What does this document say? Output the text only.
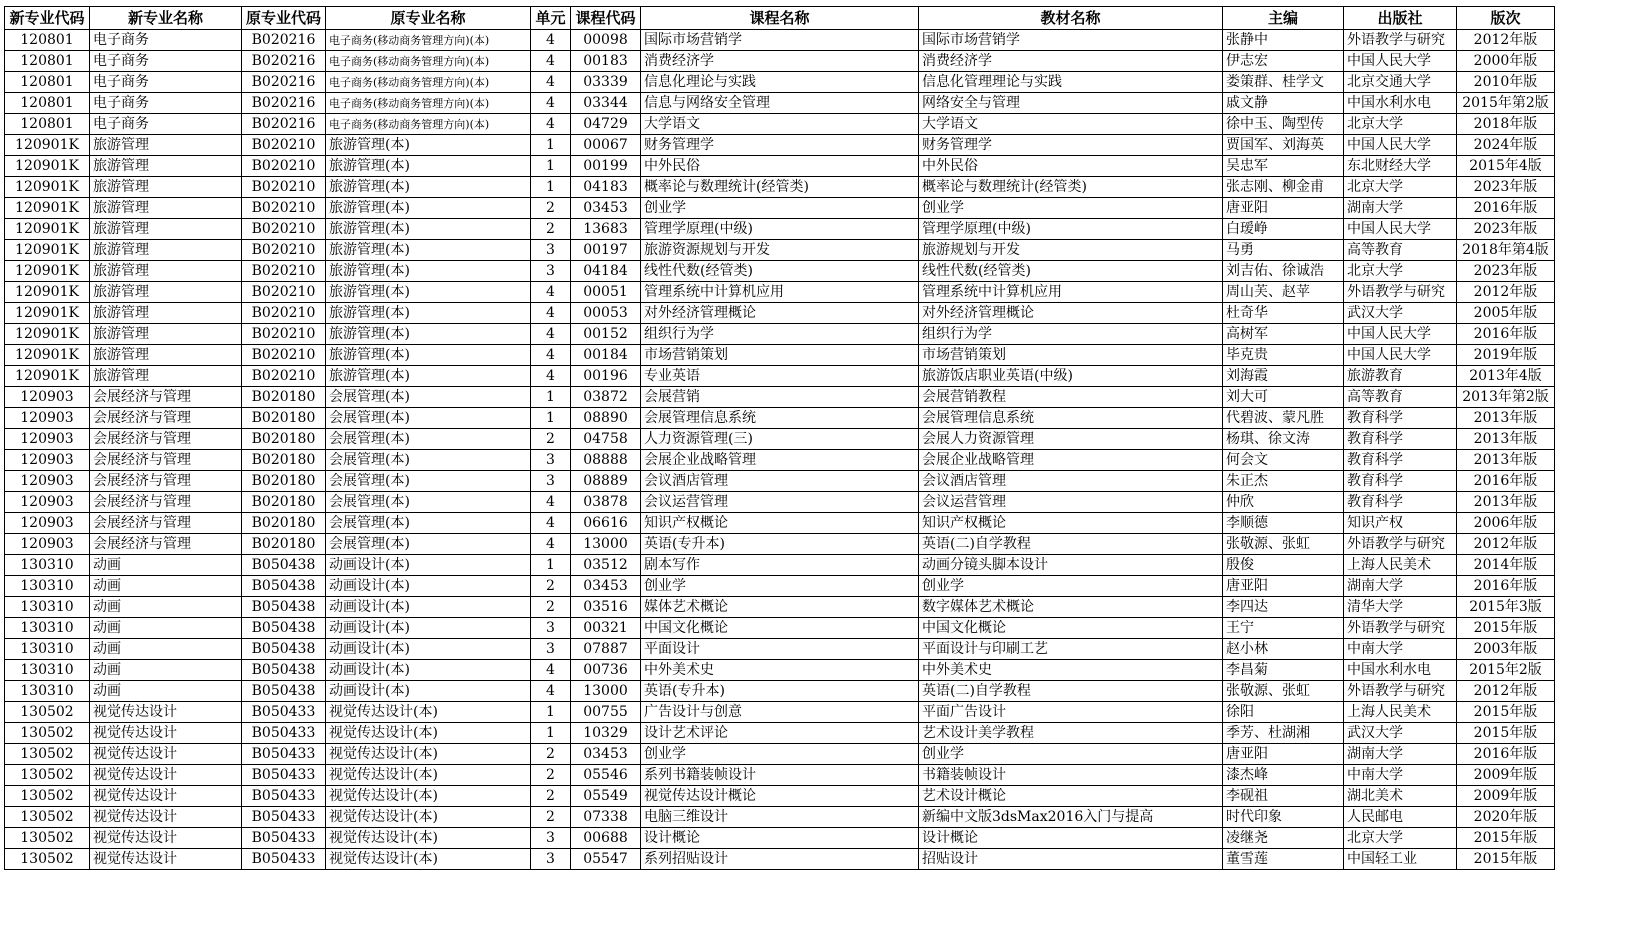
新专业代码	新专业名称	原专业代码	原专业名称	单元	课程代码	课程名称	教材名称	主编	出版社	版次
120801	电子商务	B020216	电子商务(移动商务管理方向)(本)	4	00098	国际市场营销学	国际市场营销学	张静中	外语教学与研究	2012年版
120801	电子商务	B020216	电子商务(移动商务管理方向)(本)	4	00183	消费经济学	消费经济学	伊志宏	中国人民大学	2000年版
120801	电子商务	B020216	电子商务(移动商务管理方向)(本)	4	03339	信息化理论与实践	信息化管理理论与实践	娄策群、桂学文	北京交通大学	2010年版
120801	电子商务	B020216	电子商务(移动商务管理方向)(本)	4	03344	信息与网络安全管理	网络安全与管理	戚文静	中国水利水电	2015年第2版
120801	电子商务	B020216	电子商务(移动商务管理方向)(本)	4	04729	大学语文	大学语文	徐中玉、陶型传	北京大学	2018年版
120901K	旅游管理	B020210	旅游管理(本)	1	00067	财务管理学	财务管理学	贾国军、刘海英	中国人民大学	2024年版
120901K	旅游管理	B020210	旅游管理(本)	1	00199	中外民俗	中外民俗	吴忠军	东北财经大学	2015年4版
120901K	旅游管理	B020210	旅游管理(本)	1	04183	概率论与数理统计(经管类)	概率论与数理统计(经管类)	张志刚、柳金甫	北京大学	2023年版
120901K	旅游管理	B020210	旅游管理(本)	2	03453	创业学	创业学	唐亚阳	湖南大学	2016年版
120901K	旅游管理	B020210	旅游管理(本)	2	13683	管理学原理(中级)	管理学原理(中级)	白瑷峥	中国人民大学	2023年版
120901K	旅游管理	B020210	旅游管理(本)	3	00197	旅游资源规划与开发	旅游规划与开发	马勇	高等教育	2018年第4版
120901K	旅游管理	B020210	旅游管理(本)	3	04184	线性代数(经管类)	线性代数(经管类)	刘吉佑、徐诚浩	北京大学	2023年版
120901K	旅游管理	B020210	旅游管理(本)	4	00051	管理系统中计算机应用	管理系统中计算机应用	周山芙、赵苹	外语教学与研究	2012年版
120901K	旅游管理	B020210	旅游管理(本)	4	00053	对外经济管理概论	对外经济管理概论	杜奇华	武汉大学	2005年版
120901K	旅游管理	B020210	旅游管理(本)	4	00152	组织行为学	组织行为学	高树军	中国人民大学	2016年版
120901K	旅游管理	B020210	旅游管理(本)	4	00184	市场营销策划	市场营销策划	毕克贵	中国人民大学	2019年版
120901K	旅游管理	B020210	旅游管理(本)	4	00196	专业英语	旅游饭店职业英语(中级)	刘海霞	旅游教育	2013年4版
120903	会展经济与管理	B020180	会展管理(本)	1	03872	会展营销	会展营销教程	刘大可	高等教育	2013年第2版
120903	会展经济与管理	B020180	会展管理(本)	1	08890	会展管理信息系统	会展管理信息系统	代碧波、蒙凡胜	教育科学	2013年版
120903	会展经济与管理	B020180	会展管理(本)	2	04758	人力资源管理(三)	会展人力资源管理	杨琪、徐文涛	教育科学	2013年版
120903	会展经济与管理	B020180	会展管理(本)	3	08888	会展企业战略管理	会展企业战略管理	何会文	教育科学	2013年版
120903	会展经济与管理	B020180	会展管理(本)	3	08889	会议酒店管理	会议酒店管理	朱正杰	教育科学	2016年版
120903	会展经济与管理	B020180	会展管理(本)	4	03878	会议运营管理	会议运营管理	仲欣	教育科学	2013年版
120903	会展经济与管理	B020180	会展管理(本)	4	06616	知识产权概论	知识产权概论	李顺德	知识产权	2006年版
120903	会展经济与管理	B020180	会展管理(本)	4	13000	英语(专升本)	英语(二)自学教程	张敬源、张虹	外语教学与研究	2012年版
130310	动画	B050438	动画设计(本)	1	03512	剧本写作	动画分镜头脚本设计	殷俊	上海人民美术	2014年版
130310	动画	B050438	动画设计(本)	2	03453	创业学	创业学	唐亚阳	湖南大学	2016年版
130310	动画	B050438	动画设计(本)	2	03516	媒体艺术概论	数字媒体艺术概论	李四达	清华大学	2015年3版
130310	动画	B050438	动画设计(本)	3	00321	中国文化概论	中国文化概论	王宁	外语教学与研究	2015年版
130310	动画	B050438	动画设计(本)	3	07887	平面设计	平面设计与印刷工艺	赵小林	中南大学	2003年版
130310	动画	B050438	动画设计(本)	4	00736	中外美术史	中外美术史	李昌菊	中国水利水电	2015年2版
130310	动画	B050438	动画设计(本)	4	13000	英语(专升本)	英语(二)自学教程	张敬源、张虹	外语教学与研究	2012年版
130502	视觉传达设计	B050433	视觉传达设计(本)	1	00755	广告设计与创意	平面广告设计	徐阳	上海人民美术	2015年版
130502	视觉传达设计	B050433	视觉传达设计(本)	1	10329	设计艺术评论	艺术设计美学教程	季芳、杜湖湘	武汉大学	2015年版
130502	视觉传达设计	B050433	视觉传达设计(本)	2	03453	创业学	创业学	唐亚阳	湖南大学	2016年版
130502	视觉传达设计	B050433	视觉传达设计(本)	2	05546	系列书籍装帧设计	书籍装帧设计	漆杰峰	中南大学	2009年版
130502	视觉传达设计	B050433	视觉传达设计(本)	2	05549	视觉传达设计概论	艺术设计概论	李砚祖	湖北美术	2009年版
130502	视觉传达设计	B050433	视觉传达设计(本)	2	07338	电脑三维设计	新编中文版3dsMax2016入门与提高	时代印象	人民邮电	2020年版
130502	视觉传达设计	B050433	视觉传达设计(本)	3	00688	设计概论	设计概论	凌继尧	北京大学	2015年版
130502	视觉传达设计	B050433	视觉传达设计(本)	3	05547	系列招贴设计	招贴设计	董雪莲	中国轻工业	2015年版
